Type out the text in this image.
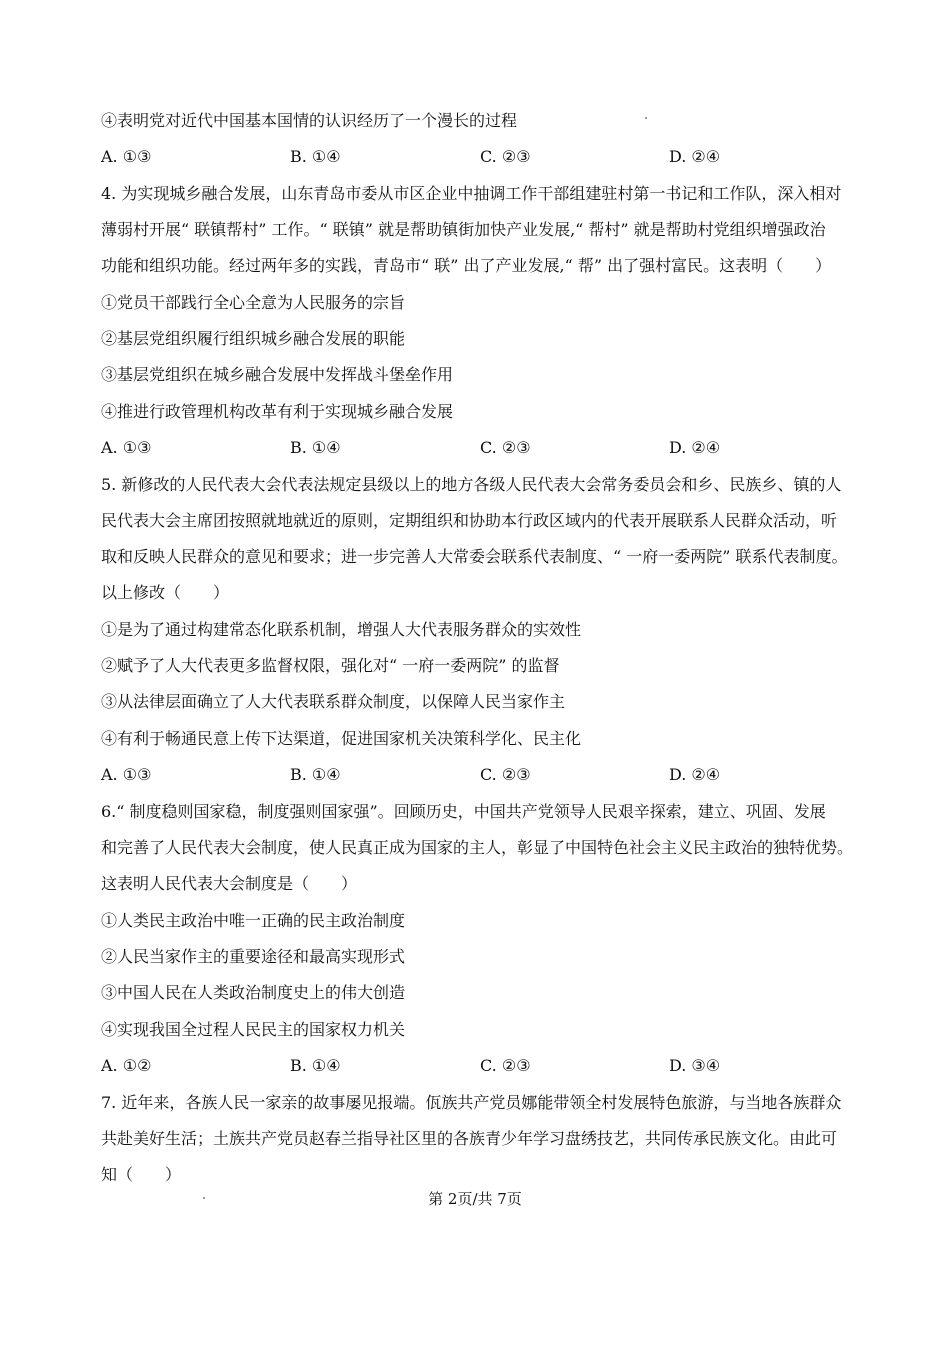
④表明党对近代中国基本国情的认识经历了一个漫长的过程
A. ①③	B. ①④	C. ②③	D. ②④
4. 为实现城乡融合发展，山东青岛市委从市区企业中抽调工作干部组建驻村第一书记和工作队，深入相对
薄弱村开展“ 联镇帮村” 工作。“ 联镇” 就是帮助镇街加快产业发展,“ 帮村” 就是帮助村党组织增强政治
功能和组织功能。经过两年多的实践，青岛市“ 联” 出了产业发展,“ 帮” 出了强村富民。这表明（　　）
①党员干部践行全心全意为人民服务的宗旨
②基层党组织履行组织城乡融合发展的职能
③基层党组织在城乡融合发展中发挥战斗堡垒作用
④推进行政管理机构改革有利于实现城乡融合发展
A. ①③	B. ①④	C. ②③	D. ②④
5. 新修改的人民代表大会代表法规定县级以上的地方各级人民代表大会常务委员会和乡、民族乡、镇的人
民代表大会主席团按照就地就近的原则，定期组织和协助本行政区域内的代表开展联系人民群众活动，听
取和反映人民群众的意见和要求；进一步完善人大常委会联系代表制度、“ 一府一委两院” 联系代表制度。
以上修改（　　）
①是为了通过构建常态化联系机制，增强人大代表服务群众的实效性
②赋予了人大代表更多监督权限，强化对“ 一府一委两院” 的监督
③从法律层面确立了人大代表联系群众制度，以保障人民当家作主
④有利于畅通民意上传下达渠道，促进国家机关决策科学化、民主化
A. ①③	B. ①④	C. ②③	D. ②④
6.“ 制度稳则国家稳，制度强则国家强”。回顾历史，中国共产党领导人民艰辛探索，建立、巩固、发展
和完善了人民代表大会制度，使人民真正成为国家的主人，彰显了中国特色社会主义民主政治的独特优势。
这表明人民代表大会制度是（　　）
①人类民主政治中唯一正确的民主政治制度
②人民当家作主的重要途径和最高实现形式
③中国人民在人类政治制度史上的伟大创造
④实现我国全过程人民民主的国家权力机关
A. ①②	B. ①④	C. ②③	D. ③④
7. 近年来，各族人民一家亲的故事屡见报端。佤族共产党员娜能带领全村发展特色旅游，与当地各族群众
共赴美好生活；土族共产党员赵春兰指导社区里的各族青少年学习盘绣技艺，共同传承民族文化。由此可
知（　　）
第 2页/共 7页
